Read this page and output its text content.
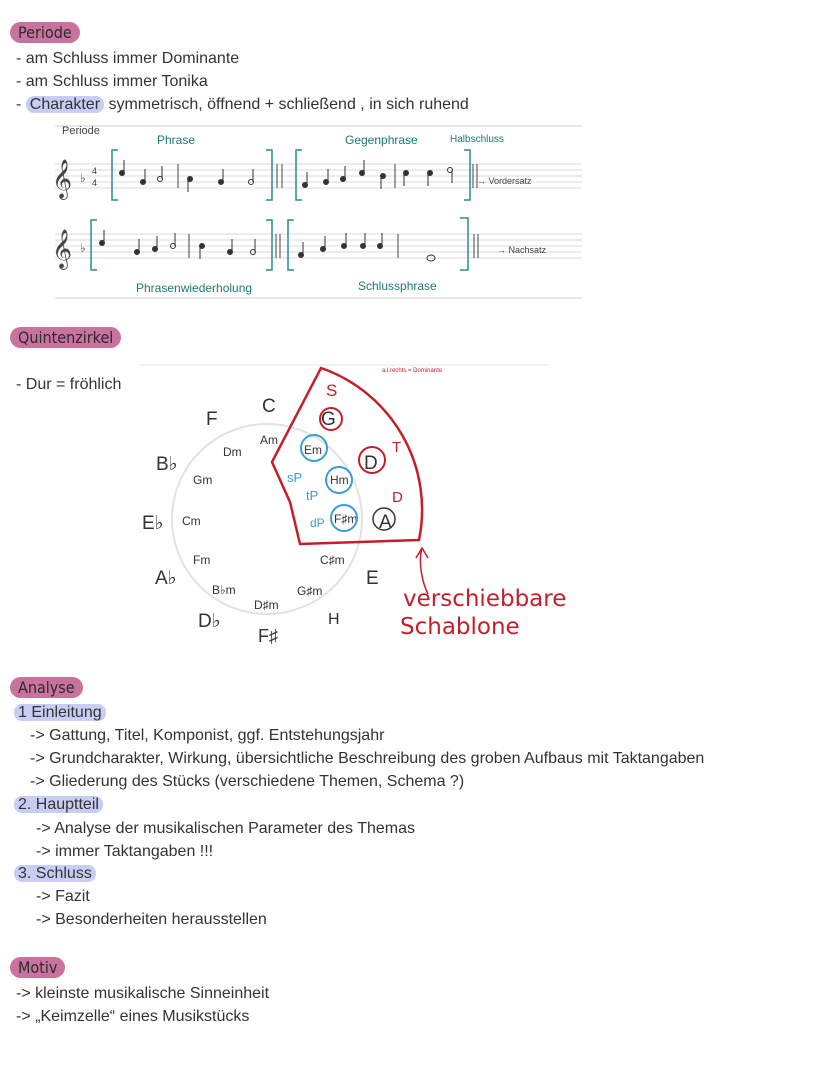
Periode
- am Schluss immer Dominante
- am Schluss immer Tonika
- Charakter symmetrisch, öffnend + schließend , in sich ruhend
𝄞
𝄞
♭
♭
4
4	→ Vordersatz
→ Nachsatz
Periode
Phrase	Gegenphrase	Halbschluss
Phrasenwiederholung	Schlussphrase
Quintenzirkel
- Dur = fröhlich
C
G
D
A
E
H
F♯
D♭
A♭
E♭
B♭
F
Am
Em
Hm
F♯m
C♯m
G♯m
D♯m
B♭m
Fm
Cm
Gm
Dm
S
T
D
sP
tP
dP
a.l.rechts = Dominante
verschiebbare
Schablone
Analyse
1 Einleitung
-> Gattung, Titel, Komponist, ggf. Entstehungsjahr
-> Grundcharakter, Wirkung, übersichtliche Beschreibung des groben Aufbaus mit Taktangaben
-> Gliederung des Stücks (verschiedene Themen, Schema ?)
2. Hauptteil
-> Analyse der musikalischen Parameter des Themas
-> immer Taktangaben !!!
3. Schluss
-> Fazit
-> Besonderheiten herausstellen
Motiv
-> kleinste musikalische Sinneinheit
-> „Keimzelle“ eines Musikstücks
